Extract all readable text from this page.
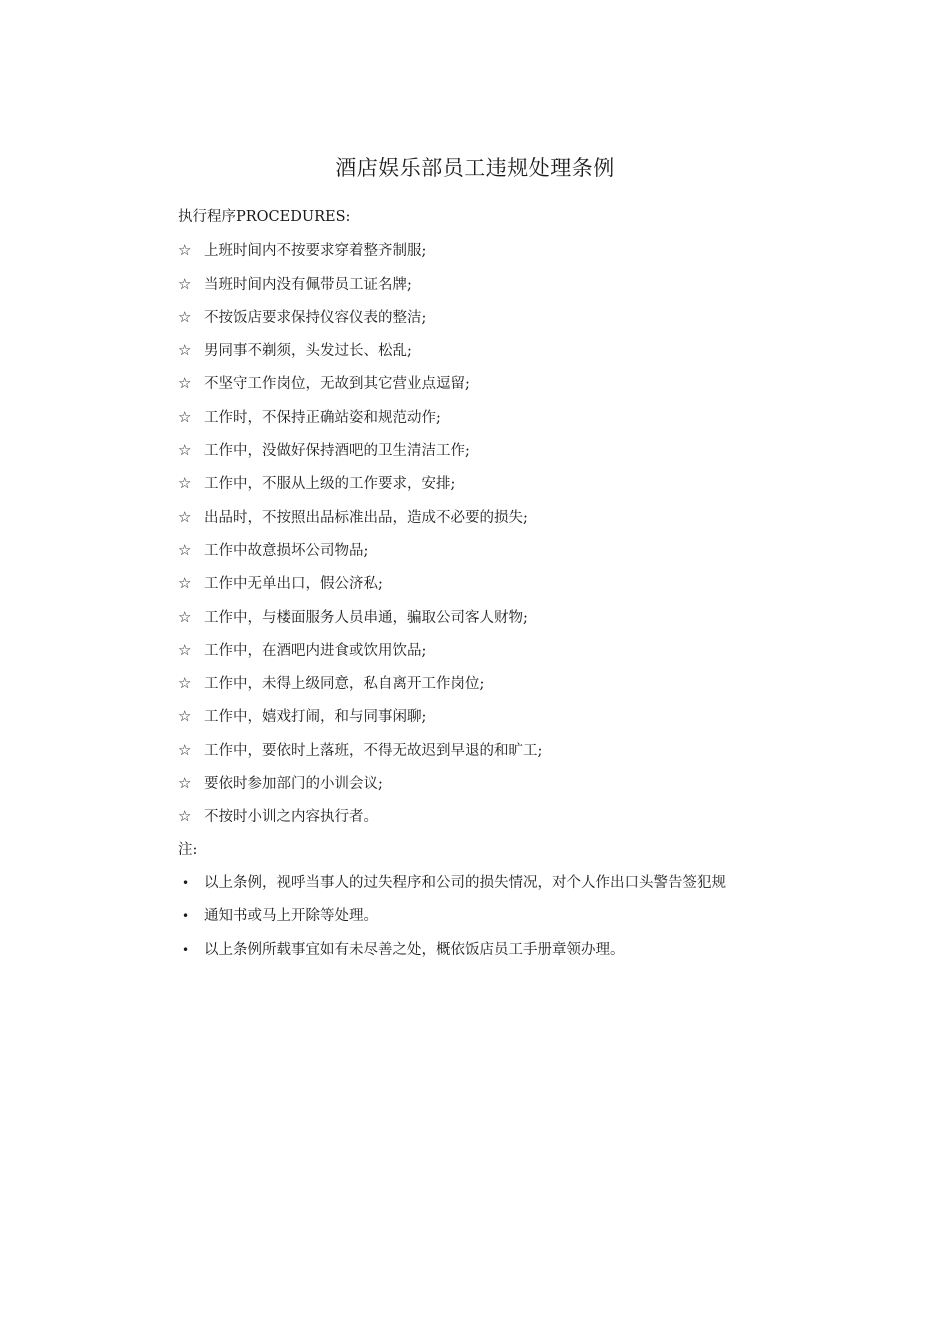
酒店娱乐部员工违规处理条例
执行程序PROCEDURES:
☆ 上班时间内不按要求穿着整齐制服;
☆ 当班时间内没有佩带员工证名牌;
☆ 不按饭店要求保持仪容仪表的整洁;
☆ 男同事不剃须，头发过长、松乱;
☆ 不坚守工作岗位，无故到其它营业点逗留;
☆ 工作时，不保持正确站姿和规范动作;
☆ 工作中，没做好保持酒吧的卫生清洁工作;
☆ 工作中，不服从上级的工作要求，安排;
☆ 出品时，不按照出品标准出品，造成不必要的损失;
☆ 工作中故意损坏公司物品;
☆ 工作中无单出口，假公济私;
☆ 工作中，与楼面服务人员串通，骗取公司客人财物;
☆ 工作中，在酒吧内进食或饮用饮品;
☆ 工作中，未得上级同意，私自离开工作岗位;
☆ 工作中，嬉戏打闹，和与同事闲聊;
☆ 工作中，要依时上落班，不得无故迟到早退的和旷工;
☆ 要依时参加部门的小训会议;
☆ 不按时小训之内容执行者。
注:
• 以上条例，视呼当事人的过失程序和公司的损失情况，对个人作出口头警告签犯规
• 通知书或马上开除等处理。
• 以上条例所载事宜如有未尽善之处，概依饭店员工手册章领办理。
